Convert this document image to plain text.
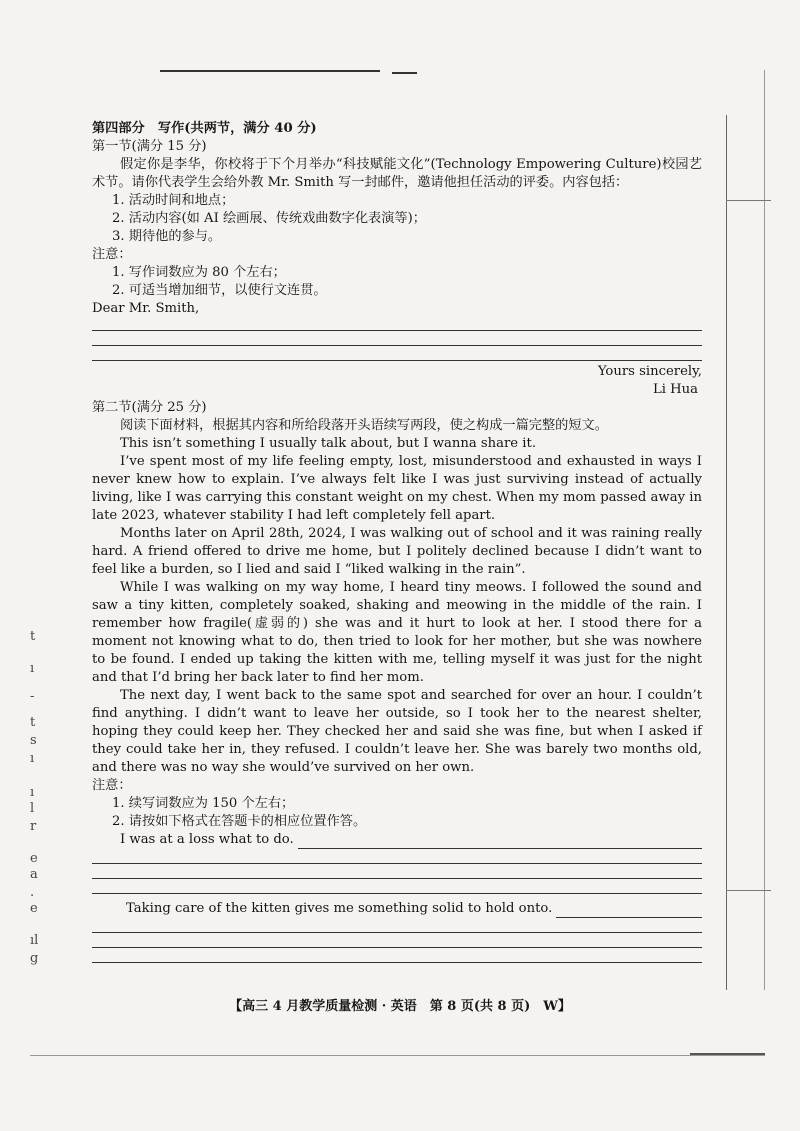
t
ı
-
t
s
ı
ı
l
r
e
a
.
e
ıl
g

第四部分　写作(共两节，满分 40 分)

第一节(满分 15 分)

假定你是李华，你校将于下个月举办“科技赋能文化”(Technology Empowering Culture)校园艺术节。请你代表学生会给外教 Mr. Smith 写一封邮件，邀请他担任活动的评委。内容包括：

1. 活动时间和地点；

2. 活动内容(如 AI 绘画展、传统戏曲数字化表演等)；

3. 期待他的参与。

注意：

1. 写作词数应为 80 个左右；

2. 可适当增加细节，以使行文连贯。

Dear Mr. Smith,

Yours sincerely,

Li Hua

第二节(满分 25 分)

阅读下面材料，根据其内容和所给段落开头语续写两段，使之构成一篇完整的短文。

This isn’t something I usually talk about, but I wanna share it.

I’ve spent most of my life feeling empty, lost, misunderstood and exhausted in ways I never knew how to explain. I’ve always felt like I was just surviving instead of actually living, like I was carrying this constant weight on my chest. When my mom passed away in late 2023, whatever stability I had left completely fell apart.

Months later on April 28th, 2024, I was walking out of school and it was raining really hard. A friend offered to drive me home, but I politely declined because I didn’t want to feel like a burden, so I lied and said I “liked walking in the rain”.

While I was walking on my way home, I heard tiny meows. I followed the sound and saw a tiny kitten, completely soaked, shaking and meowing in the middle of the rain. I remember how fragile(虚弱的) she was and it hurt to look at her. I stood there for a moment not knowing what to do, then tried to look for her mother, but she was nowhere to be found. I ended up taking the kitten with me, telling myself it was just for the night and that I’d bring her back later to find her mom.

The next day, I went back to the same spot and searched for over an hour. I couldn’t find anything. I didn’t want to leave her outside, so I took her to the nearest shelter, hoping they could keep her. They checked her and said she was fine, but when I asked if they could take her in, they refused. I couldn’t leave her. She was barely two months old, and there was no way she would’ve survived on her own.

注意：

1. 续写词数应为 150 个左右；

2. 请按如下格式在答题卡的相应位置作答。

I was at a loss what to do.
Taking care of the kitten gives me something solid to hold onto.
【高三 4 月教学质量检测 · 英语　第 8 页(共 8 页)　W】
